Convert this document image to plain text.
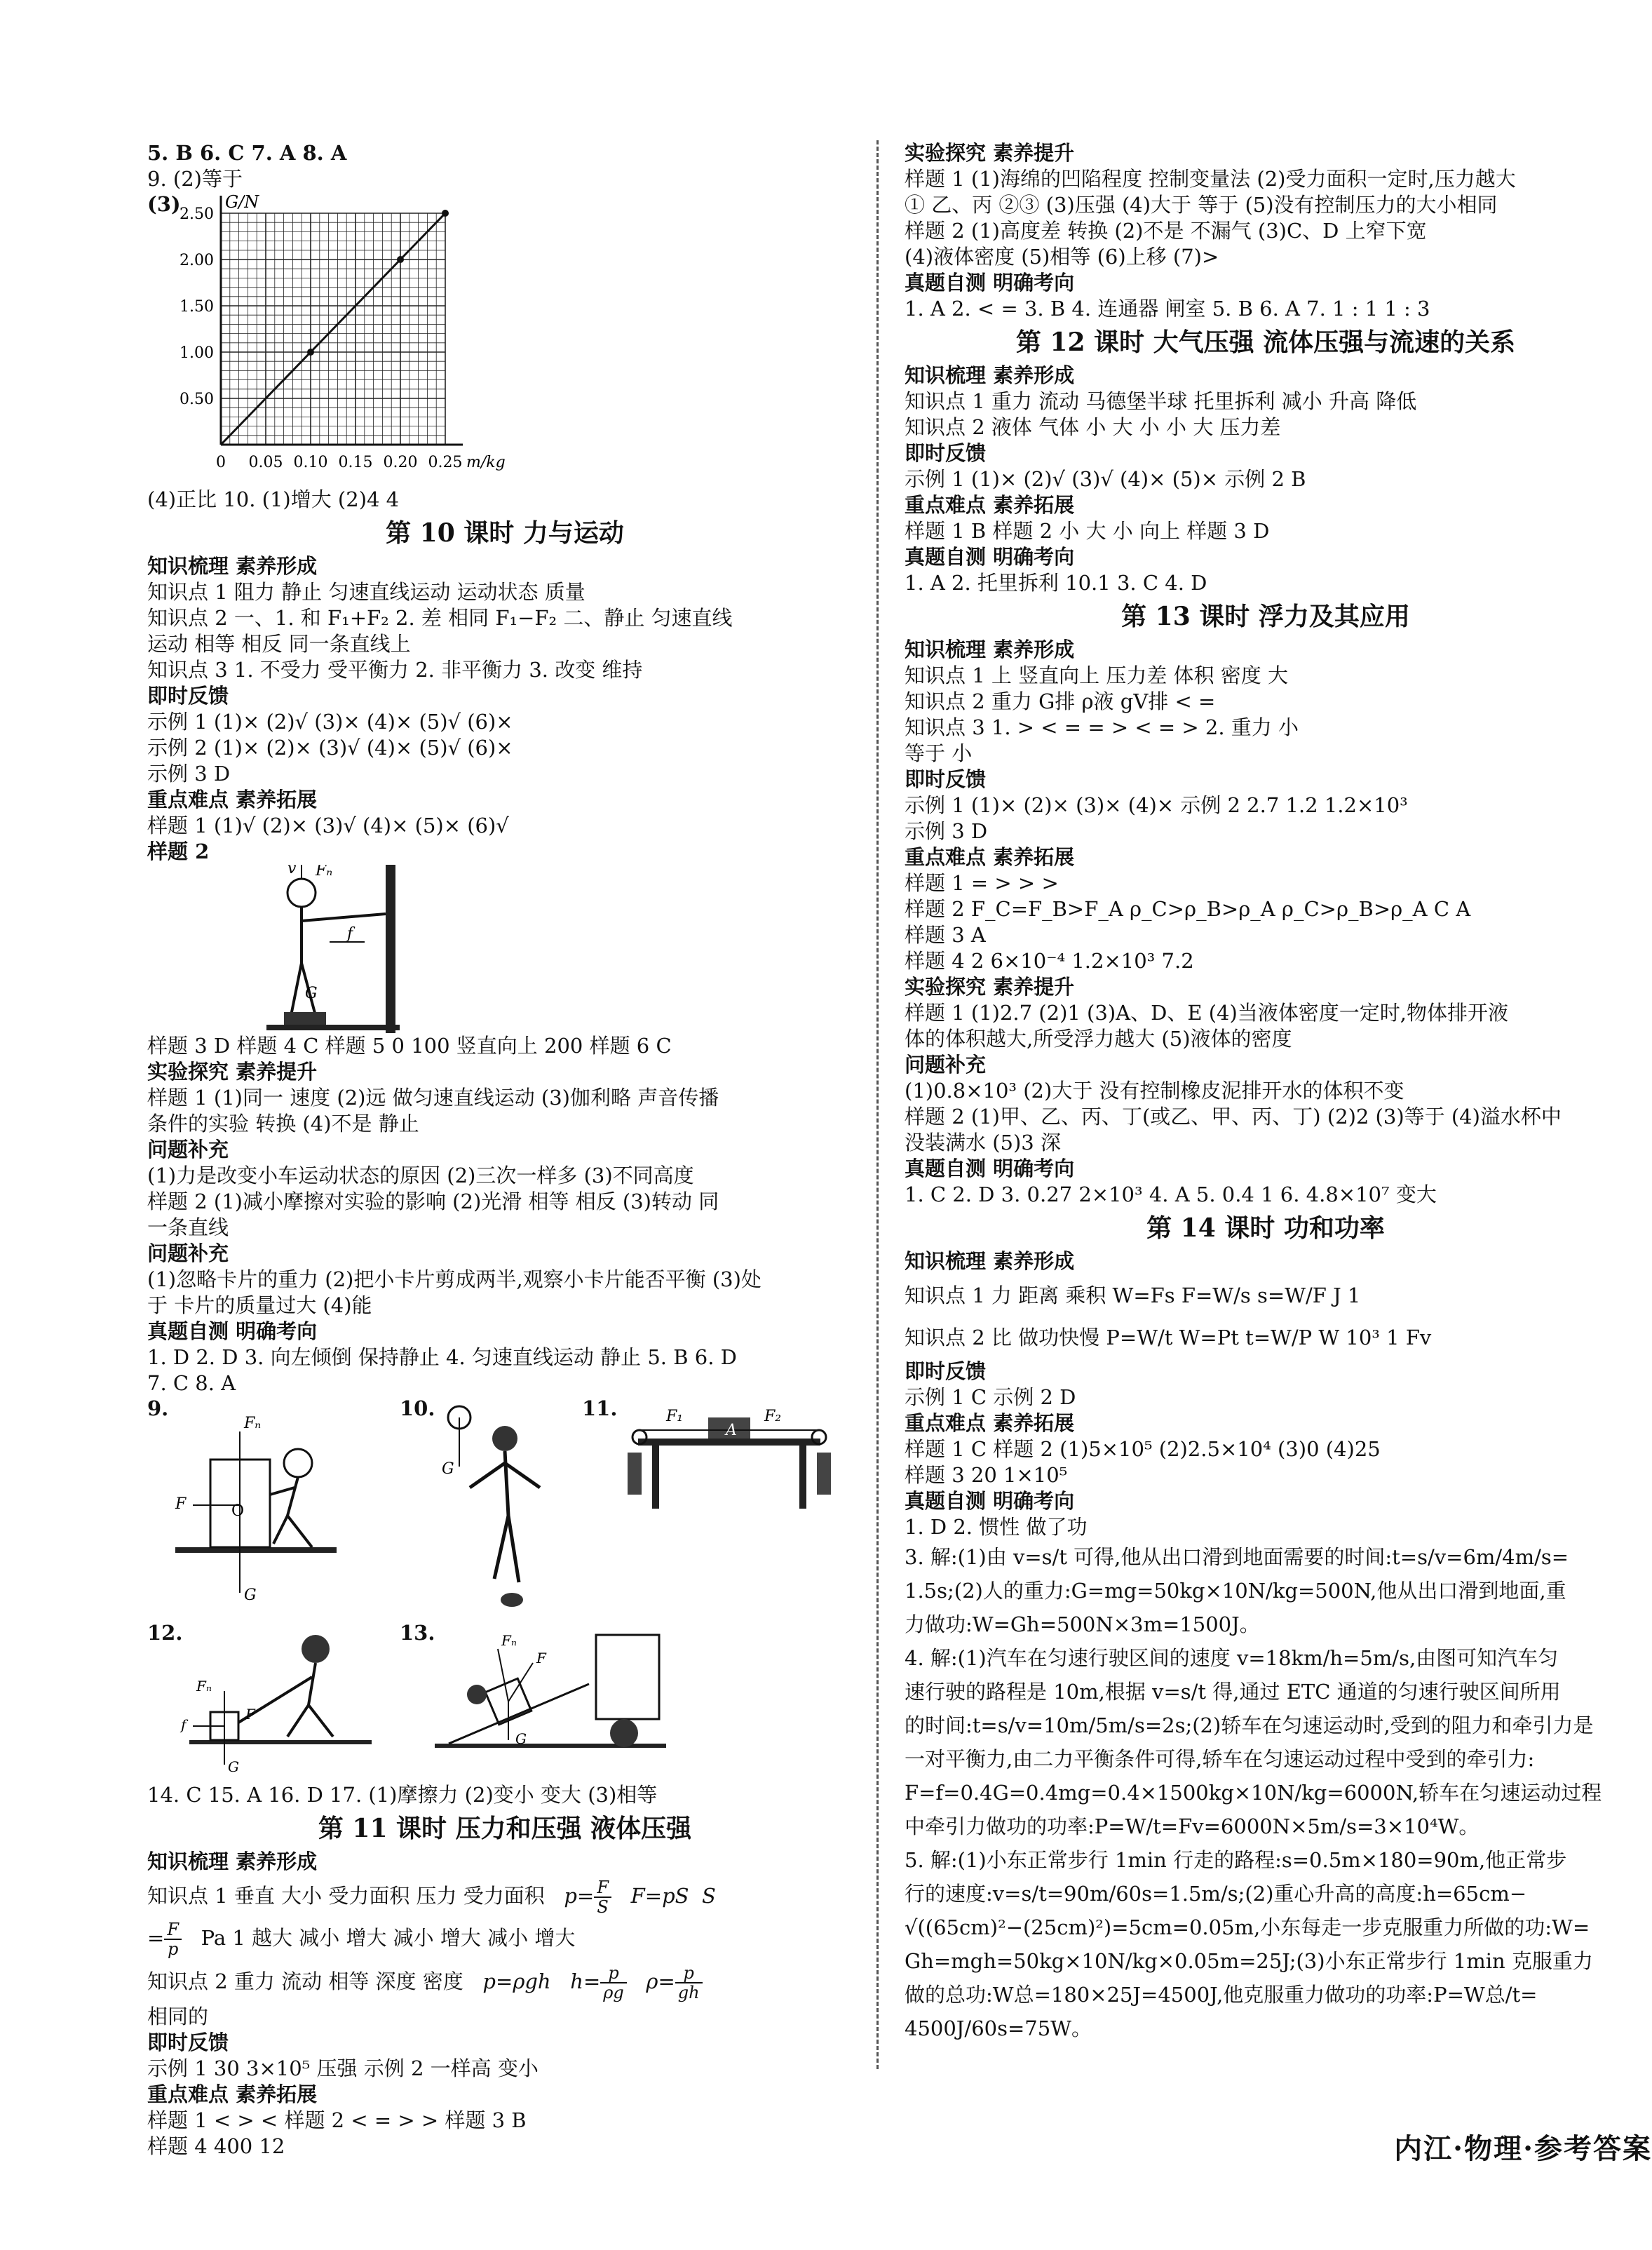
5. B 6. C 7. A 8. A
9. (2)等于
(3)
0 0.05 0.10 0.15 0.20 0.25
0.50
1.00
1.50
2.00
2.50
m/kg
G/N
(4)正比 10. (1)增大 (2)4 4
第 10 课时 力与运动
知识梳理 素养形成
知识点 1 阻力 静止 匀速直线运动 运动状态 质量
知识点 2 一、1. 和 F₁+F₂ 2. 差 相同 F₁−F₂ 二、静止 匀速直线
运动 相等 相反 同一条直线上
知识点 3 1. 不受力 受平衡力 2. 非平衡力 3. 改变 维持
即时反馈
示例 1 (1)× (2)√ (3)× (4)× (5)√ (6)×
示例 2 (1)× (2)× (3)√ (4)× (5)√ (6)×
示例 3 D
重点难点 素养拓展
样题 1 (1)√ (2)× (3)√ (4)× (5)× (6)√
样题 2
f
Fₙ
v
G
样题 3 D 样题 4 C 样题 5 0 100 竖直向上 200 样题 6 C
实验探究 素养提升
样题 1 (1)同一 速度 (2)远 做匀速直线运动 (3)伽利略 声音传播
条件的实验 转换 (4)不是 静止
问题补充
(1)力是改变小车运动状态的原因 (2)三次一样多 (3)不同高度
样题 2 (1)减小摩擦对实验的影响 (2)光滑 相等 相反 (3)转动 同
一条直线
问题补充
(1)忽略卡片的重力 (2)把小卡片剪成两半,观察小卡片能否平衡 (3)处
于 卡片的质量过大 (4)能
真题自测 明确考向
1. D 2. D 3. 向左倾倒 保持静止 4. 匀速直线运动 静止 5. B 6. D
7. C 8. A
9.
Fₙ
F	O
G
10.
G
11.	F₁	F₂
A
12.
Fₙ
f
F
G
13.	Fₙ
F
G
14. C 15. A 16. D 17. (1)摩擦力 (2)变小 变大 (3)相等
第 11 课时 压力和压强 液体压强
知识梳理 素养形成
知识点 1 垂直 大小 受力面积 压力 受力面积 $p= \frac{F}{S} F=pS$ S
= $\frac{F}{p}$ Pa 1 越大 减小 增大 减小 增大 减小 增大
知识点 2 重力 流动 相等 深度 密度 p=ρgh $h= \frac{p}{\rho g} \rho= \frac{p}{gh}$
相同的
即时反馈
示例 1 30 3×10⁵ 压强 示例 2 一样高 变小
重点难点 素养拓展
样题 1 < > < 样题 2 < = > > 样题 3 B
样题 4 400 12
实验探究 素养提升
样题 1 (1)海绵的凹陷程度 控制变量法 (2)受力面积一定时,压力越大
① 乙、丙 ②③ (3)压强 (4)大于 等于 (5)没有控制压力的大小相同
样题 2 (1)高度差 转换 (2)不是 不漏气 (3)C、D 上窄下宽
(4)液体密度 (5)相等 (6)上移 (7)>
真题自测 明确考向
1. A 2. < = 3. B 4. 连通器 闸室 5. B 6. A 7. 1 : 1 1 : 3
第 12 课时 大气压强 流体压强与流速的关系
知识梳理 素养形成
知识点 1 重力 流动 马德堡半球 托里拆利 减小 升高 降低
知识点 2 液体 气体 小 大 小 小 大 压力差
即时反馈
示例 1 (1)× (2)√ (3)√ (4)× (5)× 示例 2 B
重点难点 素养拓展
样题 1 B 样题 2 小 大 小 向上 样题 3 D
真题自测 明确考向
1. A 2. 托里拆利 10.1 3. C 4. D
第 13 课时 浮力及其应用
知识梳理 素养形成
知识点 1 上 竖直向上 压力差 体积 密度 大
知识点 2 重力 G排 ρ液 gV排 < =
知识点 3 1. > < = = > < = > 2. 重力 小
等于 小
即时反馈
示例 1 (1)× (2)× (3)× (4)× 示例 2 2.7 1.2 1.2×10³
示例 3 D
重点难点 素养拓展
样题 1 = > > >
样题 2 F_C=F_B>F_A ρ_C>ρ_B>ρ_A ρ_C>ρ_B>ρ_A C A
样题 3 A
样题 4 2 6×10⁻⁴ 1.2×10³ 7.2
实验探究 素养提升
样题 1 (1)2.7 (2)1 (3)A、D、E (4)当液体密度一定时,物体排开液
体的体积越大,所受浮力越大 (5)液体的密度
问题补充
(1)0.8×10³ (2)大于 没有控制橡皮泥排开水的体积不变
样题 2 (1)甲、乙、丙、丁(或乙、甲、丙、丁) (2)2 (3)等于 (4)溢水杯中
没装满水 (5)3 深
真题自测 明确考向
1. C 2. D 3. 0.27 2×10³ 4. A 5. 0.4 1 6. 4.8×10⁷ 变大
第 14 课时 功和功率
知识梳理 素养形成
知识点 1 力 距离 乘积 W=Fs F=W/s s=W/F J 1
知识点 2 比 做功快慢 P=W/t W=Pt t=W/P W 10³ 1 Fv
即时反馈
示例 1 C 示例 2 D
重点难点 素养拓展
样题 1 C 样题 2 (1)5×10⁵ (2)2.5×10⁴ (3)0 (4)25
样题 3 20 1×10⁵
真题自测 明确考向
1. D 2. 惯性 做了功
3. 解:(1)由 v=s/t 可得,他从出口滑到地面需要的时间:t=s/v=6m/4m/s=
1.5s;(2)人的重力:G=mg=50kg×10N/kg=500N,他从出口滑到地面,重
力做功:W=Gh=500N×3m=1500J。
4. 解:(1)汽车在匀速行驶区间的速度 v=18km/h=5m/s,由图可知汽车匀
速行驶的路程是 10m,根据 v=s/t 得,通过 ETC 通道的匀速行驶区间所用
的时间:t=s/v=10m/5m/s=2s;(2)轿车在匀速运动时,受到的阻力和牵引力是
一对平衡力,由二力平衡条件可得,轿车在匀速运动过程中受到的牵引力:
F=f=0.4G=0.4mg=0.4×1500kg×10N/kg=6000N,轿车在匀速运动过程
中牵引力做功的功率:P=W/t=Fv=6000N×5m/s=3×10⁴W。
5. 解:(1)小东正常步行 1min 行走的路程:s=0.5m×180=90m,他正常步
行的速度:v=s/t=90m/60s=1.5m/s;(2)重心升高的高度:h=65cm−
√((65cm)²−(25cm)²)=5cm=0.05m,小东每走一步克服重力所做的功:W=
Gh=mgh=50kg×10N/kg×0.05m=25J;(3)小东正常步行 1min 克服重力
做的总功:W总=180×25J=4500J,他克服重力做功的功率:P=W总/t=
4500J/60s=75W。
内江·物理·参考答案
